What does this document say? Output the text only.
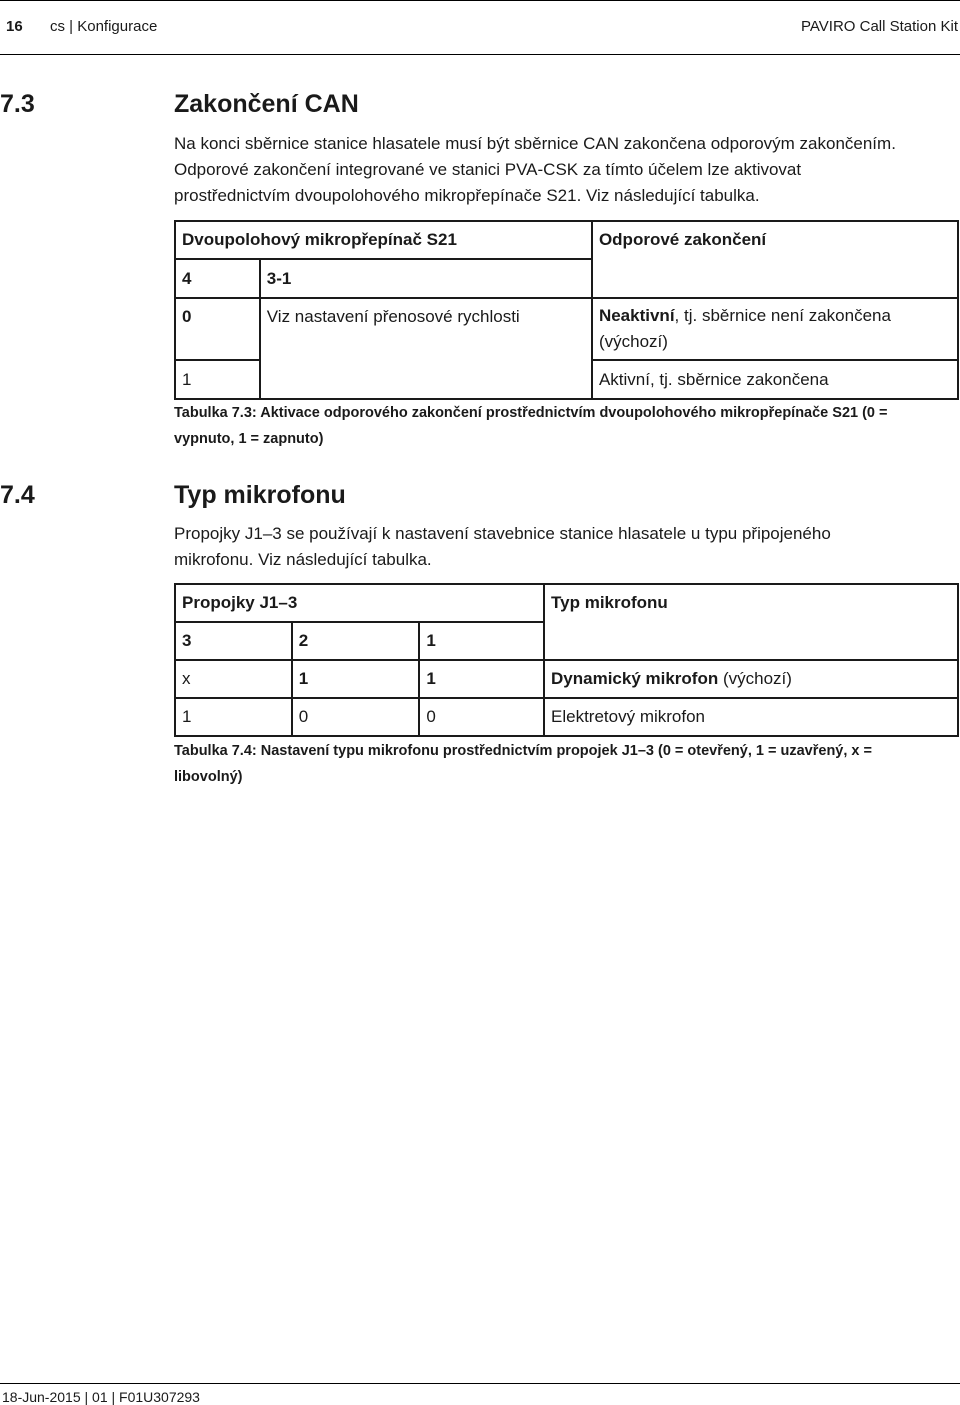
16 cs | Konfigurace	PAVIRO Call Station Kit
7.3	Zakončení CAN

Na konci sběrnice stanice hlasatele musí být sběrnice CAN zakončena odporovým zakončením.
Odporové zakončení integrované ve stanici PVA-CSK za tímto účelem lze aktivovat
prostřednictvím dvoupolohového mikropřepínače S21. Viz následující tabulka.

Dvoupolohový mikropřepínač S21		Odporové zakončení
4	3-1	
0	Viz nastavení přenosové rychlosti	Neaktivní, tj. sběrnice není zakončena
(výchozí)
1		Aktivní, tj. sběrnice zakončena

Tabulka 7.3: Aktivace odporového zakončení prostřednictvím dvoupolohového mikropřepínače S21 (0 =
vypnuto, 1 = zapnuto)

7.4	Typ mikrofonu

Propojky J1–3 se používají k nastavení stavebnice stanice hlasatele u typu připojeného
mikrofonu. Viz následující tabulka.

Propojky J1–3			Typ mikrofonu
3	2	1	
x	1	1	Dynamický mikrofon (výchozí)
1	0	0	Elektretový mikrofon

Tabulka 7.4: Nastavení typu mikrofonu prostřednictvím propojek J1–3 (0 = otevřený, 1 = uzavřený, x =
libovolný)

18-Jun-2015 | 01 | F01U307293
